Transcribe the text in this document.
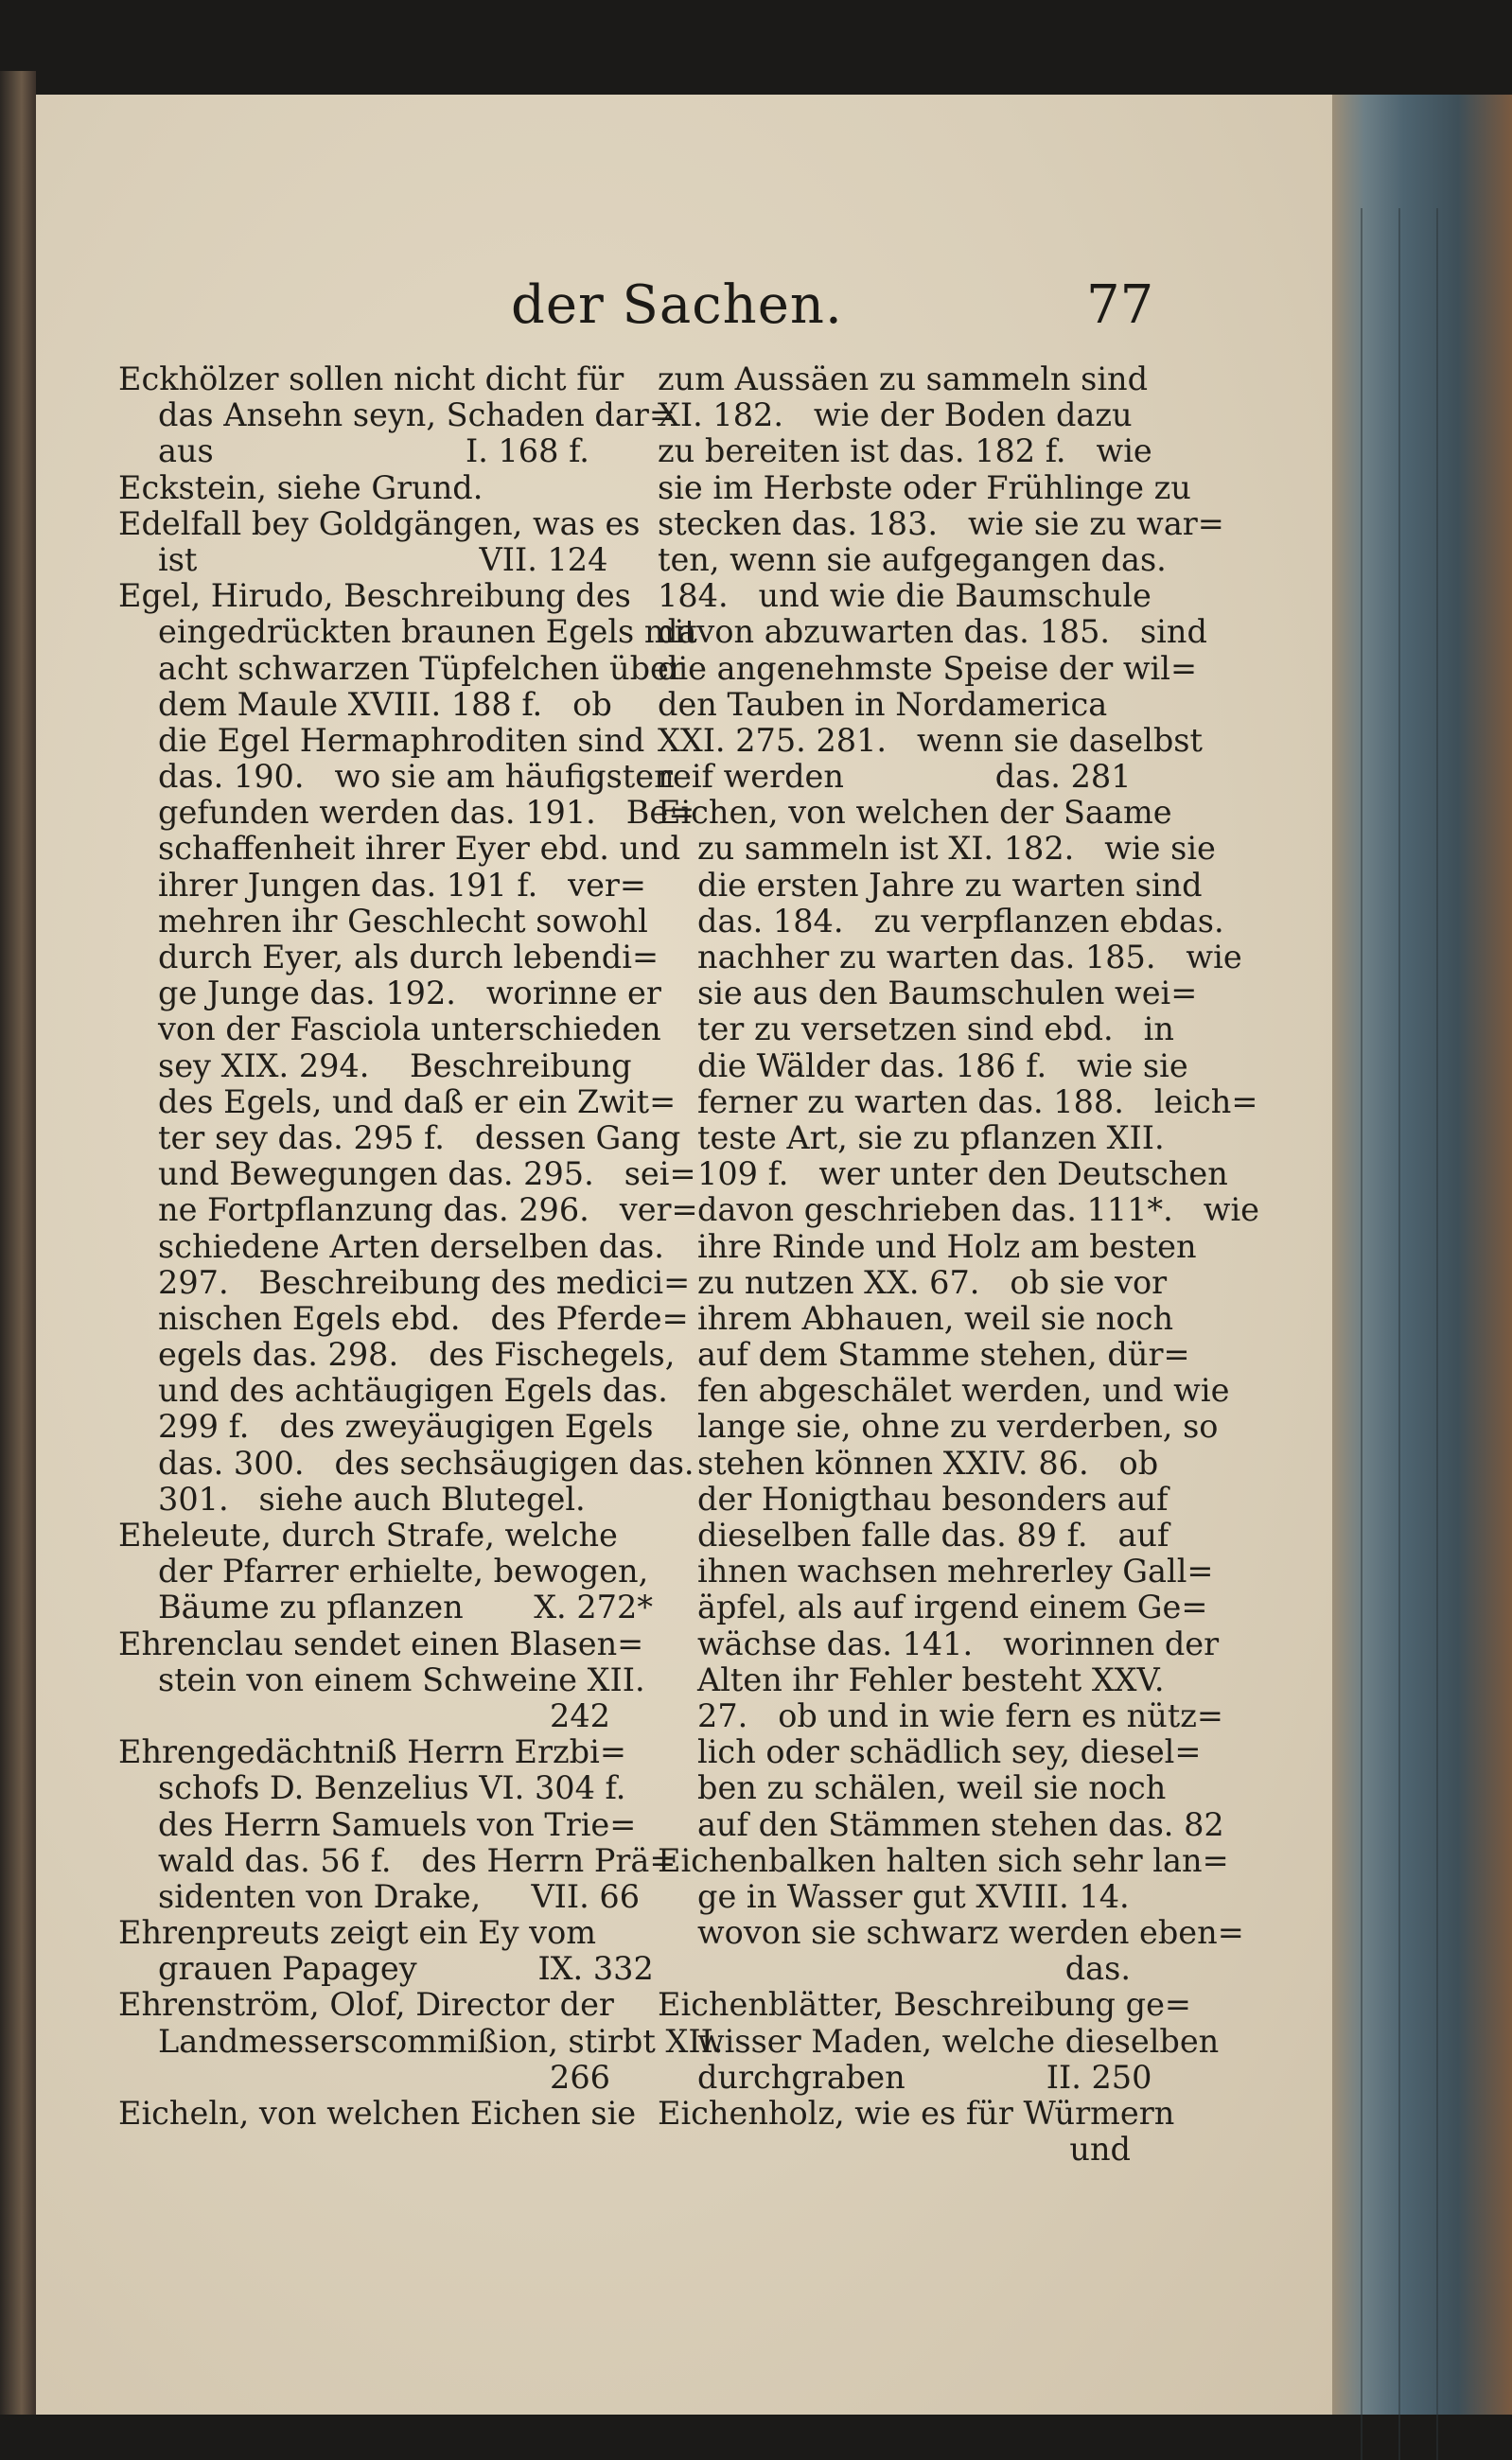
der Sachen.	77
Eckhölzer sollen nicht dicht für
das Ansehn seyn, Schaden dar=
aus                         I. 168 f.
Eckstein, siehe Grund.
Edelfall bey Goldgängen, was es
ist                            VII. 124
Egel, Hirudo, Beschreibung des
eingedrückten braunen Egels mit
acht schwarzen Tüpfelchen über
dem Maule XVIII. 188 f.   ob
die Egel Hermaphroditen sind
das. 190.   wo sie am häufigsten
gefunden werden das. 191.   Be=
schaffenheit ihrer Eyer ebd. und
ihrer Jungen das. 191 f.   ver=
mehren ihr Geschlecht sowohl
durch Eyer, als durch lebendi=
ge Junge das. 192.   worinne er
von der Fasciola unterschieden
sey XIX. 294.    Beschreibung
des Egels, und daß er ein Zwit=
ter sey das. 295 f.   dessen Gang
und Bewegungen das. 295.   sei=
ne Fortpflanzung das. 296.   ver=
schiedene Arten derselben das.
297.   Beschreibung des medici=
nischen Egels ebd.   des Pferde=
egels das. 298.   des Fischegels,
und des achtäugigen Egels das.
299 f.   des zweyäugigen Egels
das. 300.   des sechsäugigen das.
301.   siehe auch Blutegel.
Eheleute, durch Strafe, welche
der Pfarrer erhielte, bewogen,
Bäume zu pflanzen       X. 272*
Ehrenclau sendet einen Blasen=
stein von einem Schweine XII.
242
Ehrengedächtniß Herrn Erzbi=
schofs D. Benzelius VI. 304 f.
des Herrn Samuels von Trie=
wald das. 56 f.   des Herrn Prä=
sidenten von Drake,     VII. 66
Ehrenpreuts zeigt ein Ey vom
grauen Papagey            IX. 332
Ehrenström, Olof, Director der
Landmesserscommißion, stirbt XII.
266
Eicheln, von welchen Eichen sie
zum Aussäen zu sammeln sind
XI. 182.   wie der Boden dazu
zu bereiten ist das. 182 f.   wie
sie im Herbste oder Frühlinge zu
stecken das. 183.   wie sie zu war=
ten, wenn sie aufgegangen das.
184.   und wie die Baumschule
davon abzuwarten das. 185.   sind
die angenehmste Speise der wil=
den Tauben in Nordamerica
XXI. 275. 281.   wenn sie daselbst
reif werden               das. 281
Eichen, von welchen der Saame
zu sammeln ist XI. 182.   wie sie
die ersten Jahre zu warten sind
das. 184.   zu verpflanzen ebdas.
nachher zu warten das. 185.   wie
sie aus den Baumschulen wei=
ter zu versetzen sind ebd.   in
die Wälder das. 186 f.   wie sie
ferner zu warten das. 188.   leich=
teste Art, sie zu pflanzen XII.
109 f.   wer unter den Deutschen
davon geschrieben das. 111*.   wie
ihre Rinde und Holz am besten
zu nutzen XX. 67.   ob sie vor
ihrem Abhauen, weil sie noch
auf dem Stamme stehen, dür=
fen abgeschälet werden, und wie
lange sie, ohne zu verderben, so
stehen können XXIV. 86.   ob
der Honigthau besonders auf
dieselben falle das. 89 f.   auf
ihnen wachsen mehrerley Gall=
äpfel, als auf irgend einem Ge=
wächse das. 141.   worinnen der
Alten ihr Fehler besteht XXV.
27.   ob und in wie fern es nütz=
lich oder schädlich sey, diesel=
ben zu schälen, weil sie noch
auf den Stämmen stehen das. 82
Eichenbalken halten sich sehr lan=
ge in Wasser gut XVIII. 14.
wovon sie schwarz werden eben=
das.
Eichenblätter, Beschreibung ge=
wisser Maden, welche dieselben
durchgraben              II. 250
Eichenholz, wie es für Würmern
und
